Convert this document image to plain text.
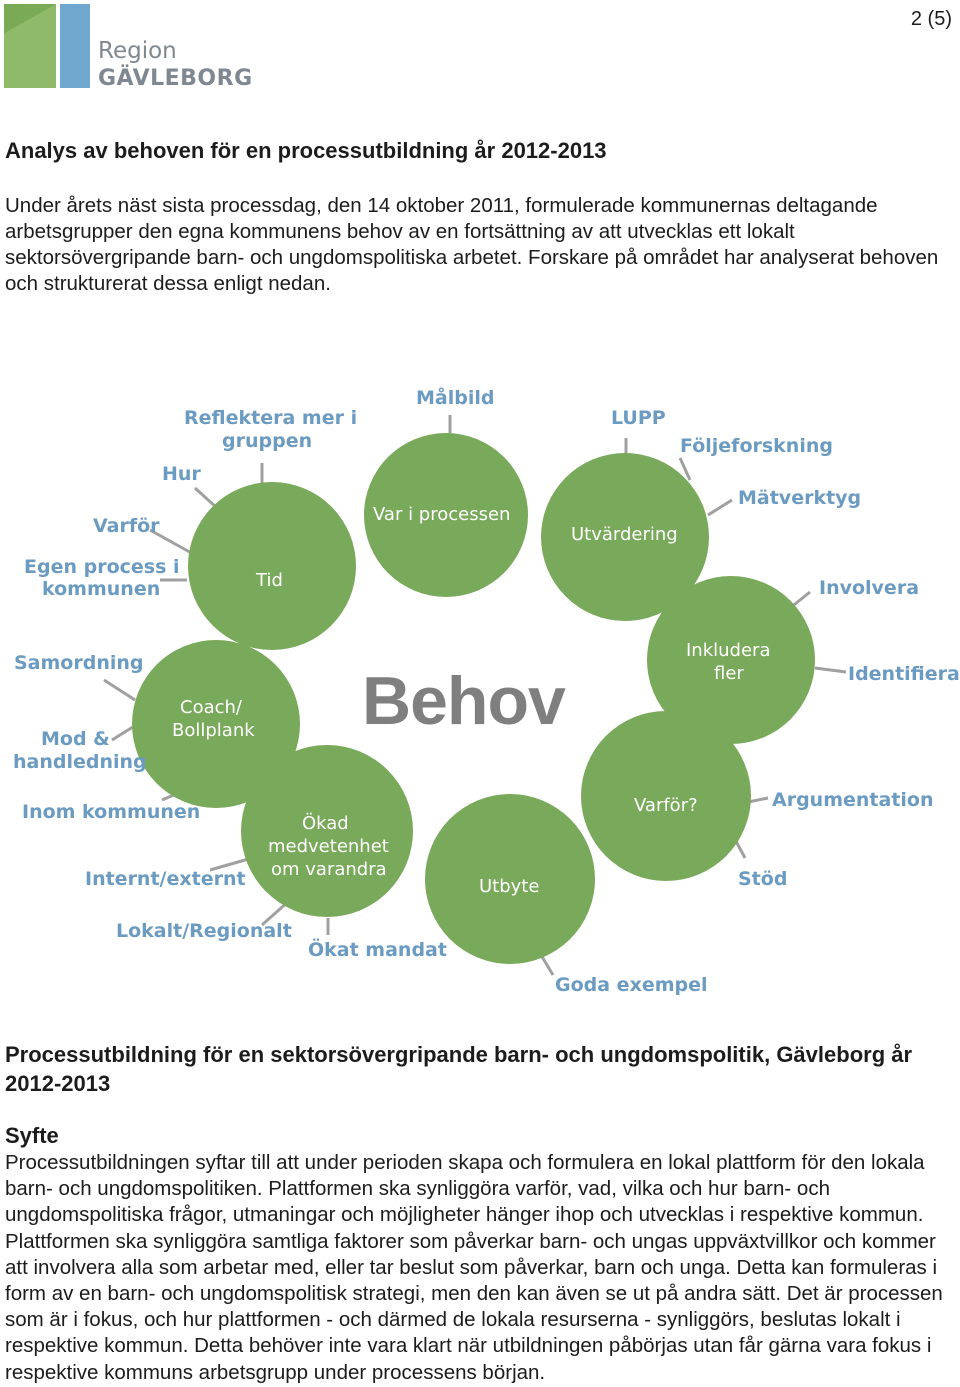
Region
GÄVLEBORG
2 (5)
Analys av behoven för en processutbildning år 2012-2013

Under årets näst sista processdag, den 14 oktober 2011, formulerade kommunernas deltagande arbetsgrupper den egna kommunens behov av en fortsättning av att utvecklas ett lokalt sektorsövergripande barn- och ungdomspolitiska arbetet. Forskare på området har analyserat behoven och strukturerat dessa enligt nedan.

Tid
Var i processen
Utvärdering
Inkludera
fler
Coach/
Bollplank
Ökad
medvetenhet
om varandra
Utbyte
Varför?
Behov
Målbild
Reflektera mer i
gruppen
Hur
Varför
Egen process i
kommunen
LUPP
Följeforskning
Mätverktyg
Involvera
Identifiera
Samordning
Mod &
handledning
Inom kommunen
Internt/externt
Lokalt/Regionalt
Ökat mandat
Goda exempel
Argumentation
Stöd
Processutbildning för en sektorsövergripande barn- och ungdomspolitik, Gävleborg år 2012-2013
Syfte

Processutbildningen syftar till att under perioden skapa och formulera en lokal plattform för den lokala barn- och ungdomspolitiken. Plattformen ska synliggöra varför, vad, vilka och hur barn- och ungdomspolitiska frågor, utmaningar och möjligheter hänger ihop och utvecklas i respektive kommun. Plattformen ska synliggöra samtliga faktorer som påverkar barn- och ungas uppväxtvillkor och kommer att involvera alla som arbetar med, eller tar beslut som påverkar, barn och unga. Detta kan formuleras i form av en barn- och ungdomspolitisk strategi, men den kan även se ut på andra sätt. Det är processen som är i fokus, och hur plattformen - och därmed de lokala resurserna - synliggörs, beslutas lokalt i respektive kommun. Detta behöver inte vara klart när utbildningen påbörjas utan får gärna vara fokus i respektive kommuns arbetsgrupp under processens början.
